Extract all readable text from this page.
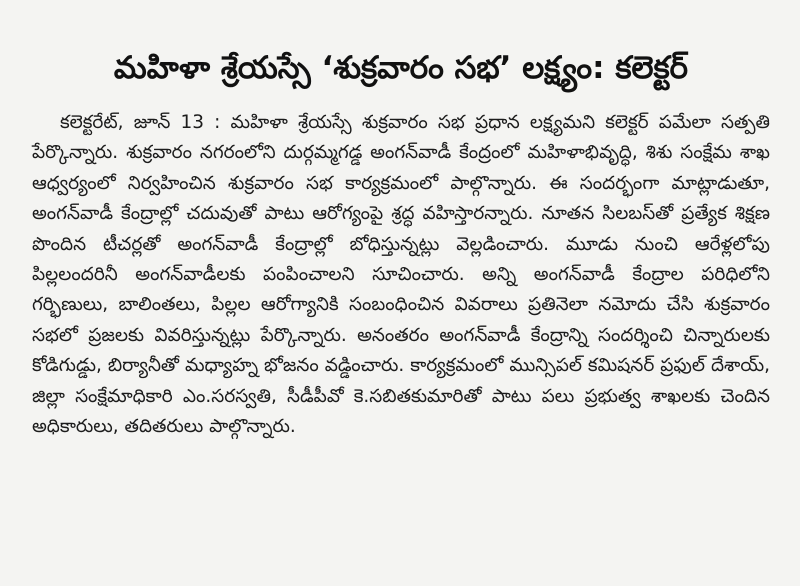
మహిళా శ్రేయస్సే ‘శుక్రవారం సభ’ లక్ష్యం: కలెక్టర్

కలెక్టరేట్, జూన్ 13 : మహిళా శ్రేయస్సే శుక్రవారం సభ ప్రధాన లక్ష్యమని కలెక్టర్ పమేలా సత్పతి పేర్కొన్నారు. శుక్రవారం నగరంలోని దుర్గమ్మగడ్డ అంగన్‌వాడీ కేంద్రంలో మహిళాభివృద్ధి, శిశు సంక్షేమ శాఖ ఆధ్వర్యంలో నిర్వహించిన శుక్రవారం సభ కార్యక్రమంలో పాల్గొన్నారు. ఈ సందర్భంగా మాట్లాడుతూ, అంగన్‌వాడీ కేంద్రాల్లో చదువుతో పాటు ఆరోగ్యంపై శ్రద్ధ వహిస్తారన్నారు. నూతన సిలబస్‌తో ప్రత్యేక శిక్షణ పొందిన టీచర్లతో అంగన్‌వాడీ కేంద్రాల్లో బోధిస్తున్నట్లు వెల్లడించారు. మూడు నుంచి ఆరేళ్లలోపు పిల్లలందరినీ అంగన్‌వాడీలకు పంపించాలని సూచించారు. అన్ని అంగన్‌వాడీ కేంద్రాల పరిధిలోని గర్భిణులు, బాలింతలు, పిల్లల ఆరోగ్యానికి సంబంధించిన వివరాలు ప్రతినెలా నమోదు చేసి శుక్రవారం సభలో ప్రజలకు వివరిస్తున్నట్లు పేర్కొన్నారు. అనంతరం అంగన్‌వాడీ కేంద్రాన్ని సందర్శించి చిన్నారులకు కోడిగుడ్డు, బిర్యానీతో మధ్యాహ్న భోజనం వడ్డించారు. కార్యక్రమంలో మున్సిపల్ కమిషనర్ ప్రఫుల్ దేశాయ్, జిల్లా సంక్షేమాధికారి ఎం.సరస్వతి, సీడీపీవో కె.సబితకుమారితో పాటు పలు ప్రభుత్వ శాఖలకు చెందిన అధికారులు, తదితరులు పాల్గొన్నారు.
